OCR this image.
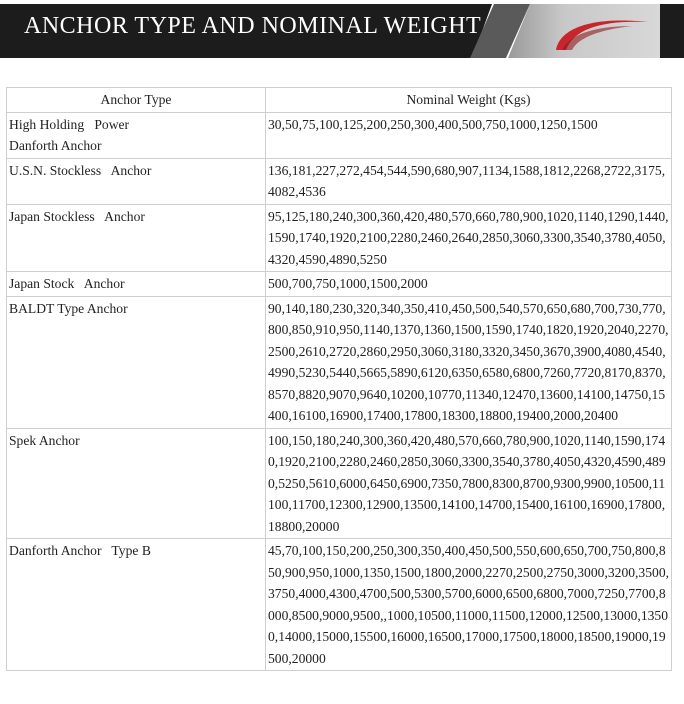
ANCHOR TYPE AND NOMINAL WEIGHT
Anchor Type	Nominal Weight (Kgs)
High Holding   Power
Danforth Anchor	30,50,75,100,125,200,250,300,400,500,750,1000,1250,1500
U.S.N. Stockless   Anchor	136,181,227,272,454,544,590,680,907,1134,1588,1812,2268,2722,3175,4082,4536
Japan Stockless   Anchor	95,125,180,240,300,360,420,480,570,660,780,900,1020,1140,1290,1440,1590,1740,1920,2100,2280,2460,2640,2850,3060,3300,3540,3780,4050,4320,4590,4890,5250
Japan Stock   Anchor	500,700,750,1000,1500,2000
BALDT Type Anchor	90,140,180,230,320,340,350,410,450,500,540,570,650,680,700,730,770,800,850,910,950,1140,1370,1360,1500,1590,1740,1820,1920,2040,2270,2500,2610,2720,2860,2950,3060,3180,3320,3450,3670,3900,4080,4540,4990,5230,5440,5665,5890,6120,6350,6580,6800,7260,7720,8170,8370,8570,8820,9070,9640,10200,10770,11340,12470,13600,14100,14750,15400,16100,16900,17400,17800,18300,18800,19400,2000,20400
Spek Anchor	100,150,180,240,300,360,420,480,570,660,780,900,1020,1140,1590,1740,1920,2100,2280,2460,2850,3060,3300,3540,3780,4050,4320,4590,4890,5250,5610,6000,6450,6900,7350,7800,8300,8700,9300,9900,10500,11100,11700,12300,12900,13500,14100,14700,15400,16100,16900,17800,18800,20000
Danforth Anchor   Type B	45,70,100,150,200,250,300,350,400,450,500,550,600,650,700,750,800,850,900,950,1000,1350,1500,1800,2000,2270,2500,2750,3000,3200,3500,3750,4000,4300,4700,500,5300,5700,6000,6500,6800,7000,7250,7700,8000,8500,9000,9500,,1000,10500,11000,11500,12000,12500,13000,13500,14000,15000,15500,16000,16500,17000,17500,18000,18500,19000,19500,20000
